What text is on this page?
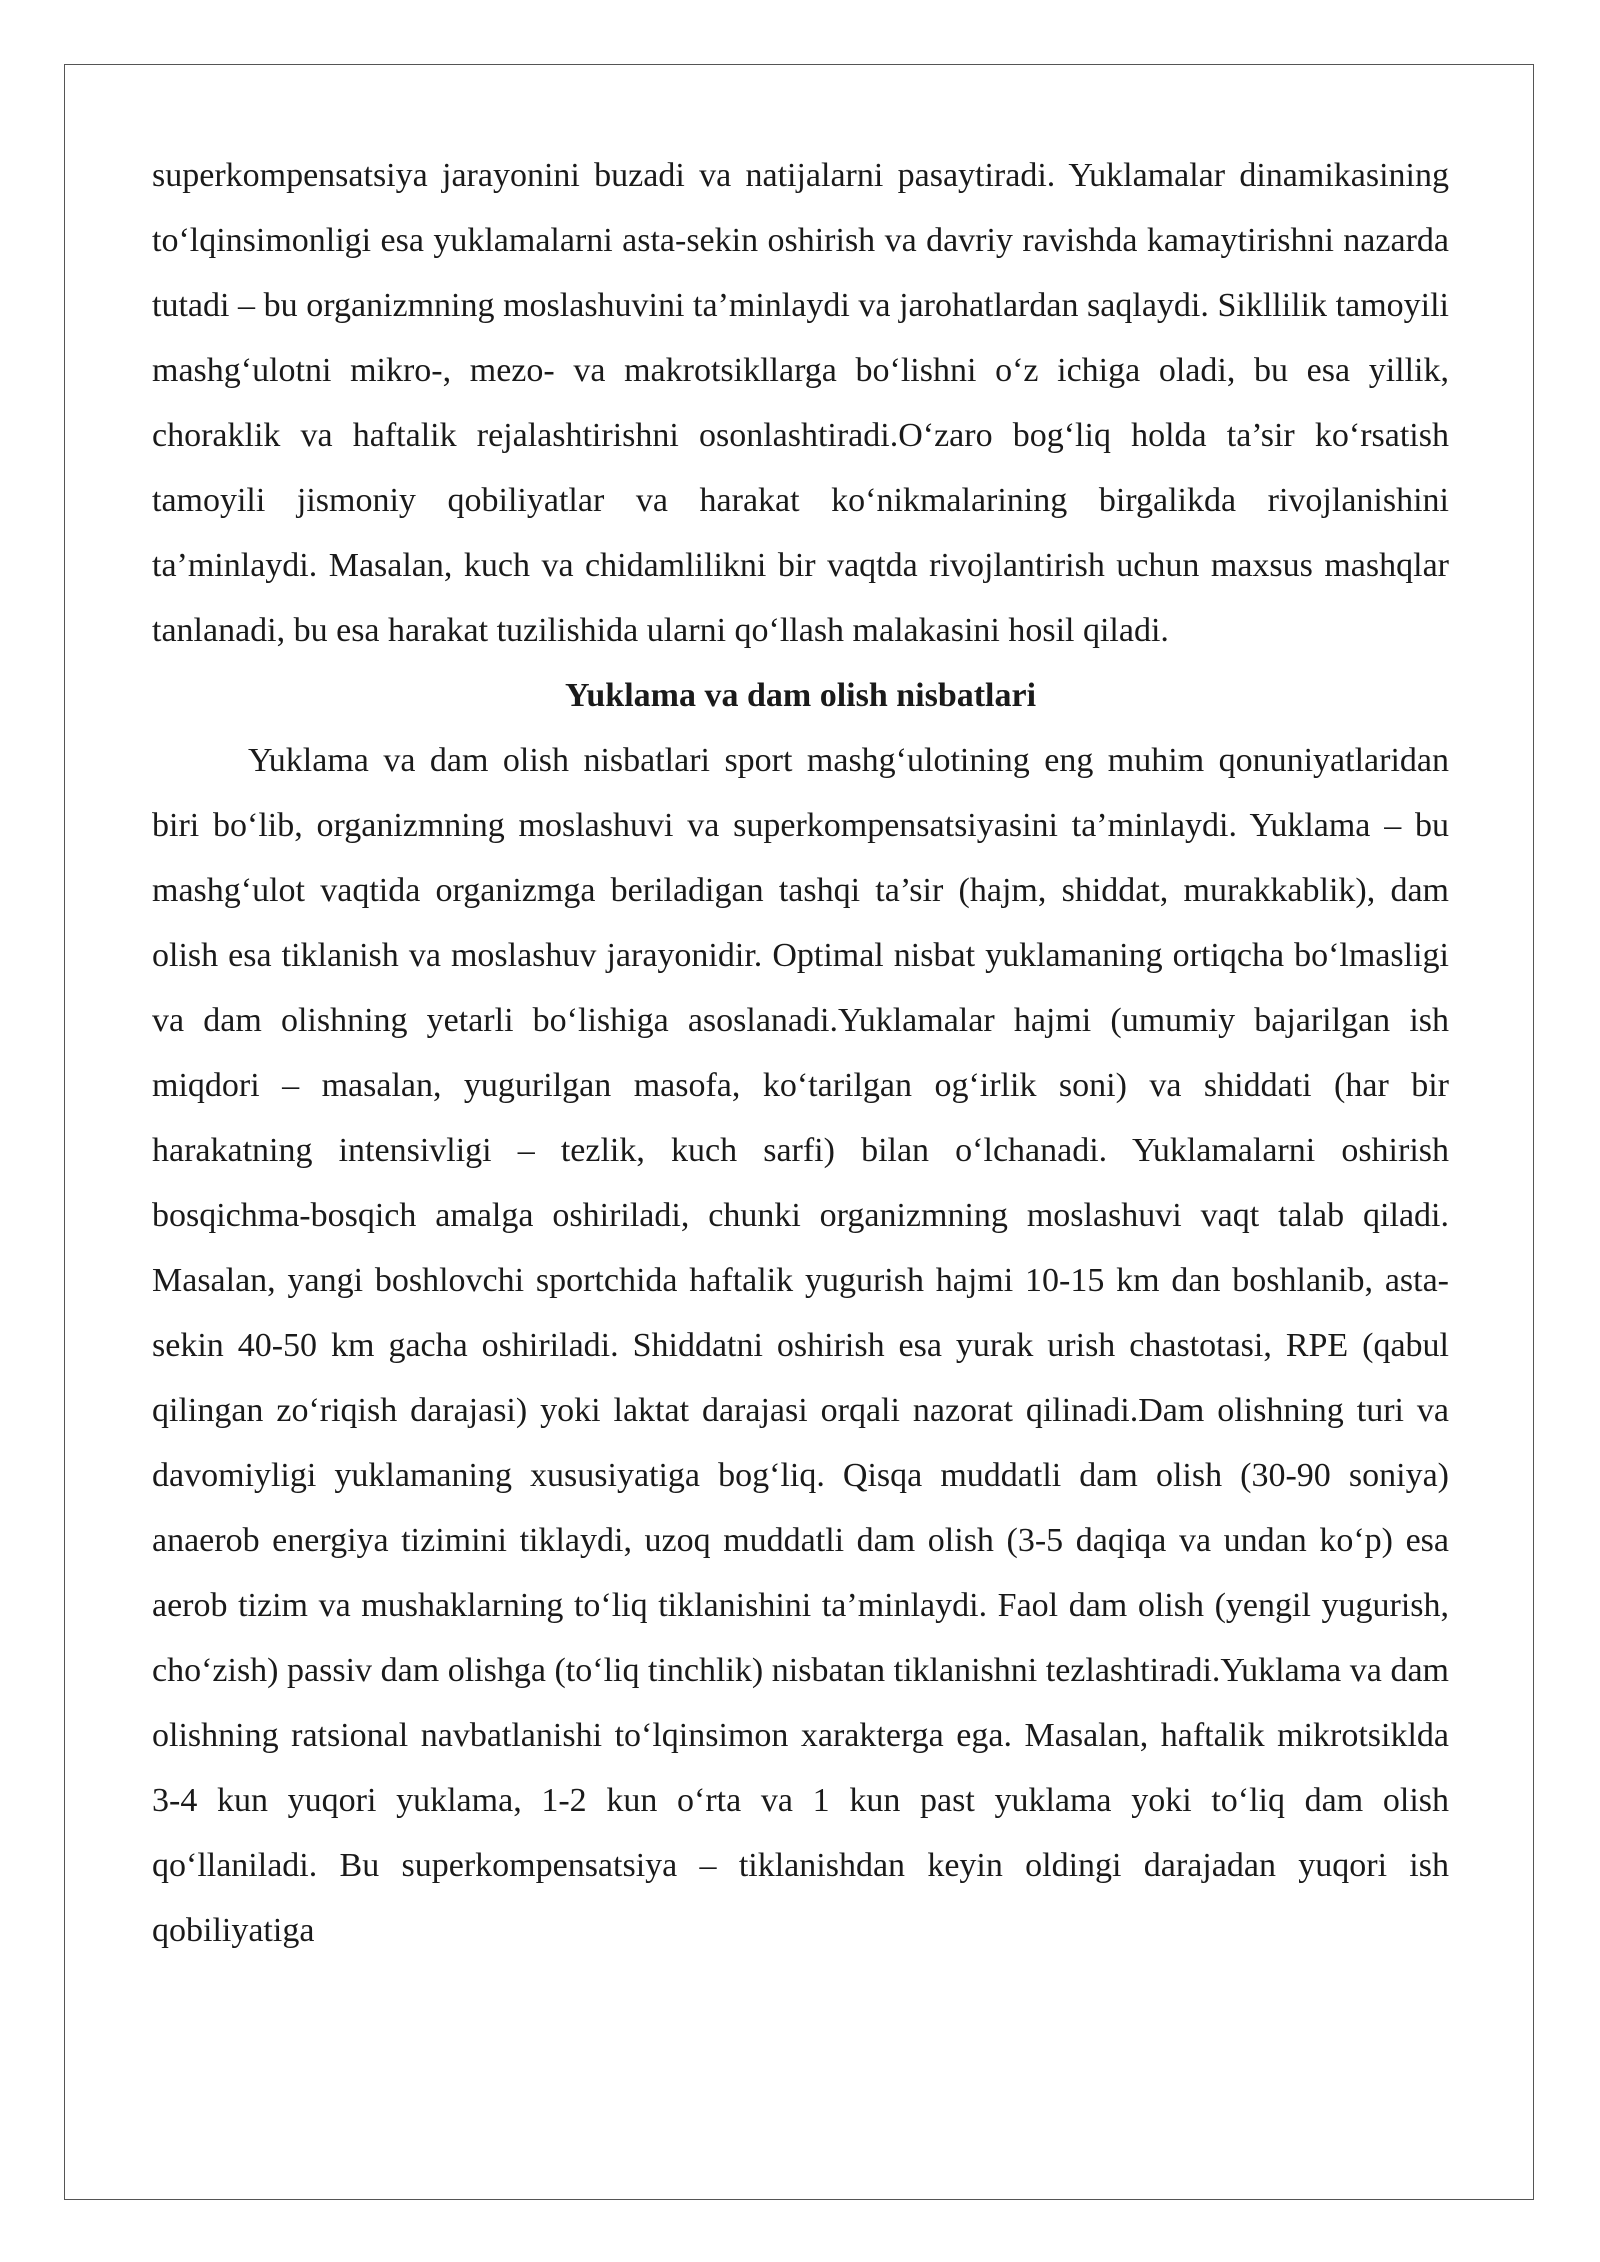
superkompensatsiya jarayonini buzadi va natijalarni pasaytiradi. Yuklamalar dinamikasining to‘lqinsimonligi esa yuklamalarni asta-sekin oshirish va davriy ravishda kamaytirishni nazarda tutadi – bu organizmning moslashuvini ta’minlaydi va jarohatlardan saqlaydi. Sikllilik tamoyili mashg‘ulotni mikro-, mezo- va makrotsikllarga bo‘lishni o‘z ichiga oladi, bu esa yillik, choraklik va haftalik rejalashtirishni osonlashtiradi.O‘zaro bog‘liq holda ta’sir ko‘rsatish tamoyili jismoniy qobiliyatlar va harakat ko‘nikmalarining birgalikda rivojlanishini ta’minlaydi. Masalan, kuch va chidamlilikni bir vaqtda rivojlantirish uchun maxsus mashqlar tanlanadi, bu esa harakat tuzilishida ularni qo‘llash malakasini hosil qiladi.

Yuklama va dam olish nisbatlari

Yuklama va dam olish nisbatlari sport mashg‘ulotining eng muhim qonuniyatlaridan biri bo‘lib, organizmning moslashuvi va superkompensatsiyasini ta’minlaydi. Yuklama – bu mashg‘ulot vaqtida organizmga beriladigan tashqi ta’sir (hajm, shiddat, murakkablik), dam olish esa tiklanish va moslashuv jarayonidir. Optimal nisbat yuklamaning ortiqcha bo‘lmasligi va dam olishning yetarli bo‘lishiga asoslanadi.Yuklamalar hajmi (umumiy bajarilgan ish miqdori – masalan, yugurilgan masofa, ko‘tarilgan og‘irlik soni) va shiddati (har bir harakatning intensivligi – tezlik, kuch sarfi) bilan o‘lchanadi. Yuklamalarni oshirish bosqichma-bosqich amalga oshiriladi, chunki organizmning moslashuvi vaqt talab qiladi. Masalan, yangi boshlovchi sportchida haftalik yugurish hajmi 10-15 km dan boshlanib, asta-sekin 40-50 km gacha oshiriladi. Shiddatni oshirish esa yurak urish chastotasi, RPE (qabul qilingan zo‘riqish darajasi) yoki laktat darajasi orqali nazorat qilinadi.Dam olishning turi va davomiyligi yuklamaning xususiyatiga bog‘liq. Qisqa muddatli dam olish (30-90 soniya) anaerob energiya tizimini tiklaydi, uzoq muddatli dam olish (3-5 daqiqa va undan ko‘p) esa aerob tizim va mushaklarning to‘liq tiklanishini ta’minlaydi. Faol dam olish (yengil yugurish, cho‘zish) passiv dam olishga (to‘liq tinchlik) nisbatan tiklanishni tezlashtiradi.Yuklama va dam olishning ratsional navbatlanishi to‘lqinsimon xarakterga ega. Masalan, haftalik mikrotsiklda 3-4 kun yuqori yuklama, 1-2 kun o‘rta va 1 kun past yuklama yoki to‘liq dam olish qo‘llaniladi. Bu superkompensatsiya – tiklanishdan keyin oldingi darajadan yuqori ish qobiliyatiga
